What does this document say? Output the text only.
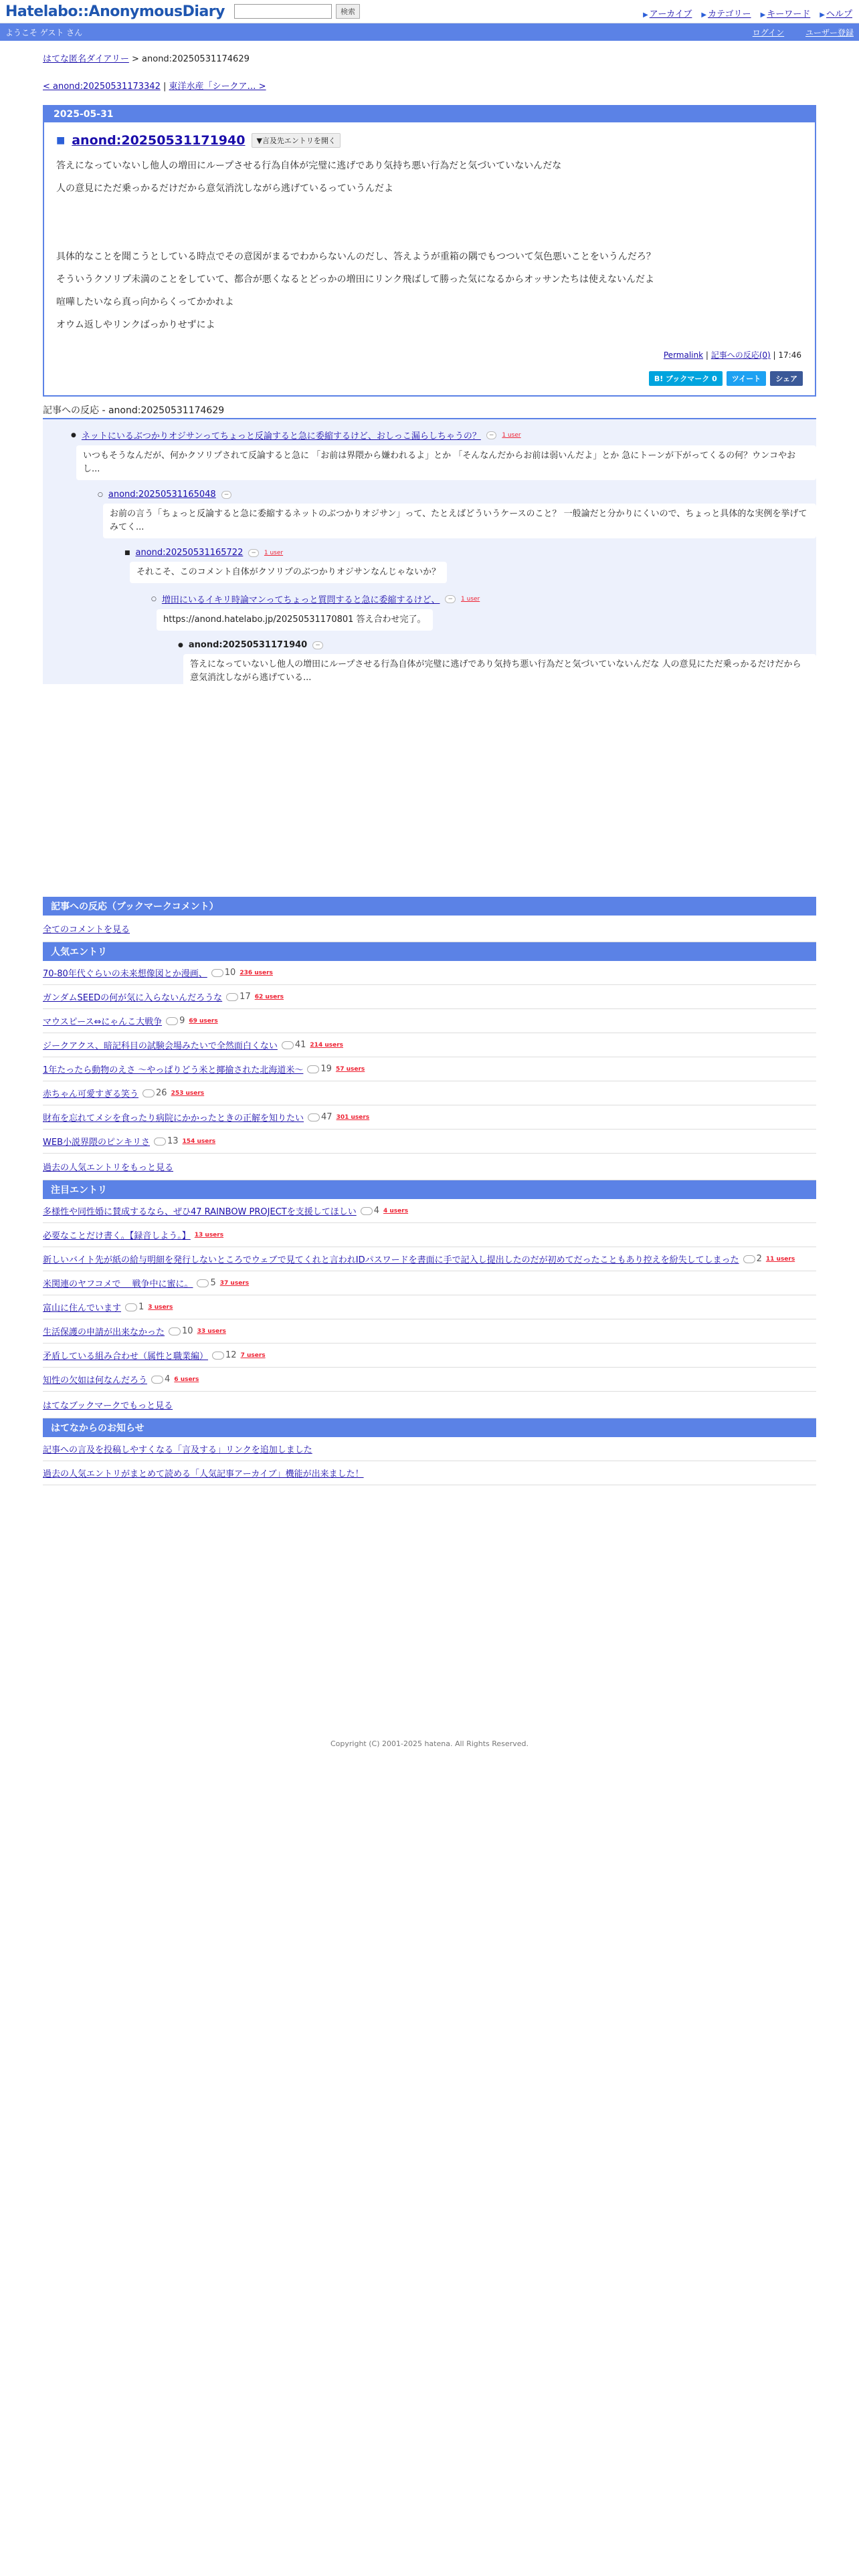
Hatelabo::AnonymousDiary	検索	▶ アーカイブ ▶ カテゴリー ▶ キーワード ▶ ヘルプ
ようこそ ゲスト さん	ログイン	ユーザー登録
はてな匿名ダイアリー > anond:20250531174629
< anond:20250531173342 | 東洋水産「シークア… >
2025-05-31
■ anond:20250531171940	▼言及先エントリを開く

答えになっていないし他人の増田にループさせる行為自体が完璧に逃げであり気持ち悪い行為だと気づいていないんだな

人の意見にただ乗っかるだけだから意気消沈しながら逃げているっていうんだよ

具体的なことを聞こうとしている時点でその意図がまるでわからないんのだし、答えようが重箱の隅でもつついて気色悪いことをいうんだろ？

そういうクソリプ未満のことをしていて、都合が悪くなるとどっかの増田にリンク飛ばして勝った気になるからオッサンたちは使えないんだよ

喧嘩したいなら真っ向からくってかかれよ

オウム返しやリンクばっかりせずによ

Permalink | 記事への反応(0) | 17:46
B! ブックマーク 0	ツイート	シェア
記事への反応 - anond:20250531174629
● ネットにいるぶつかりオジサンってちょっと反論すると急に委縮するけど、おしっこ漏らしちゃうの？	−	1 user
いつもそうなんだが、何かクソリプされて反論すると急に 「お前は界隈から嫌われるよ」とか 「そんなんだからお前は弱いんだよ」とか 急にトーンが下がってくるの何？ウンコやおし...
○ anond:20250531165048	−
お前の言う「ちょっと反論すると急に委縮するネットのぶつかりオジサン」って、たとえばどういうケースのこと？ 一般論だと分かりにくいので、ちょっと具体的な実例を挙げてみてく...
■ anond:20250531165722	−	1 user
それこそ、このコメント自体がクソリプのぶつかりオジサンなんじゃないか？
○ 増田にいるイキリ時論マンってちょっと質問すると急に委縮するけど、	−	1 user
https://anond.hatelabo.jp/20250531170801 答え合わせ完了。
● anond:20250531171940	−
答えになっていないし他人の増田にループさせる行為自体が完璧に逃げであり気持ち悪い行為だと気づいていないんだな 人の意見にただ乗っかるだけだから意気消沈しながら逃げている...
記事への反応（ブックマークコメント）
全てのコメントを見る
人気エントリ
70-80年代ぐらいの未来想像図とか漫画、	10 236 users
ガンダムSEEDの何が気に入らないんだろうな	17 62 users
マウスピース⇔にゃんこ大戦争	9 69 users
ジークアクス、暗記科目の試験会場みたいで全然面白くない	41 214 users
1年たったら動物のえさ 〜やっぱりどう米と揶揄された北海道米〜	19 57 users
赤ちゃん可愛すぎる笑う	26 253 users
財布を忘れてメシを食ったり病院にかかったときの正解を知りたい	47 301 users
WEB小説界隈のピンキリさ	13 154 users
過去の人気エントリをもっと見る
注目エントリ
多様性や同性婚に賛成するなら、ぜひ47 RAINBOW PROJECTを支援してほしい	4 4 users
必要なことだけ書く。【録音しよう。】 13 users
新しいバイト先が紙の給与明細を発行しないところでウェブで見てくれと言われIDパスワードを書面に手で記入し提出したのだが初めてだったこともあり控えを紛失してしまった	2 11 users
米関連のヤフコメで　 戦争中に蜜に。	5 37 users
富山に住んでいます	1 3 users
生活保護の申請が出来なかった	10 33 users
矛盾している組み合わせ（属性と職業編）	12 7 users
知性の欠如は何なんだろう	4 6 users
はてなブックマークでもっと見る
はてなからのお知らせ
記事への言及を投稿しやすくなる「言及する」リンクを追加しました
過去の人気エントリがまとめて読める「人気記事アーカイブ」機能が出来ました！
Copyright (C) 2001-2025 hatena. All Rights Reserved.
